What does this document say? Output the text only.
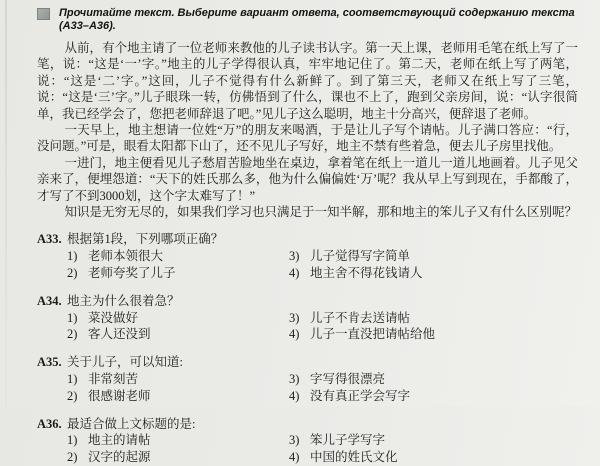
Прочитайте текст. Выберите вариант ответа, соответствующий содержанию текста (А33–А36).

从前，有个地主请了一位老师来教他的儿子读书认字。第一天上课，老师用毛笔在纸上写了一笔，说：“这是‘一’字。”地主的儿子学得很认真，牢牢地记住了。第二天，老师在纸上写了两笔，说：“这是‘二’字。”这回，儿子不觉得有什么新鲜了。到了第三天，老师又在纸上写了三笔，说：“这是‘三’字。”儿子眼珠一转，仿佛悟到了什么，课也不上了，跑到父亲房间，说：“认字很简单，我已经学会了，您把老师辞退了吧。”见儿子这么聪明，地主十分高兴，便辞退了老师。

一天早上，地主想请一位姓“万”的朋友来喝酒，于是让儿子写个请帖。儿子满口答应：“行，没问题。”可是，眼看太阳都下山了，还不见儿子写好，地主不禁有些着急，便去儿子房里找他。

一进门，地主便看见儿子愁眉苦脸地坐在桌边，拿着笔在纸上一道儿一道儿地画着。儿子见父亲来了，便埋怨道：“天下的姓氏那么多，他为什么偏偏姓‘万’呢？我从早上写到现在，手都酸了，才写了不到3000划，这个字太难写了！”

知识是无穷无尽的，如果我们学习也只满足于一知半解，那和地主的笨儿子又有什么区别呢？

A33. 根据第1段，下列哪项正确？
1) 老师本领很大
2) 老师夸奖了儿子
3) 儿子觉得写字简单
4) 地主舍不得花钱请人
A34. 地主为什么很着急？
1) 菜没做好
2) 客人还没到
3) 儿子不肯去送请帖
4) 儿子一直没把请帖给他
A35. 关于儿子，可以知道:
1) 非常刻苦
2) 很感谢老师
3) 字写得很漂亮
4) 没有真正学会写字
A36. 最适合做上文标题的是:
1) 地主的请帖
2) 汉字的起源
3) 笨儿子学写字
4) 中国的姓氏文化
